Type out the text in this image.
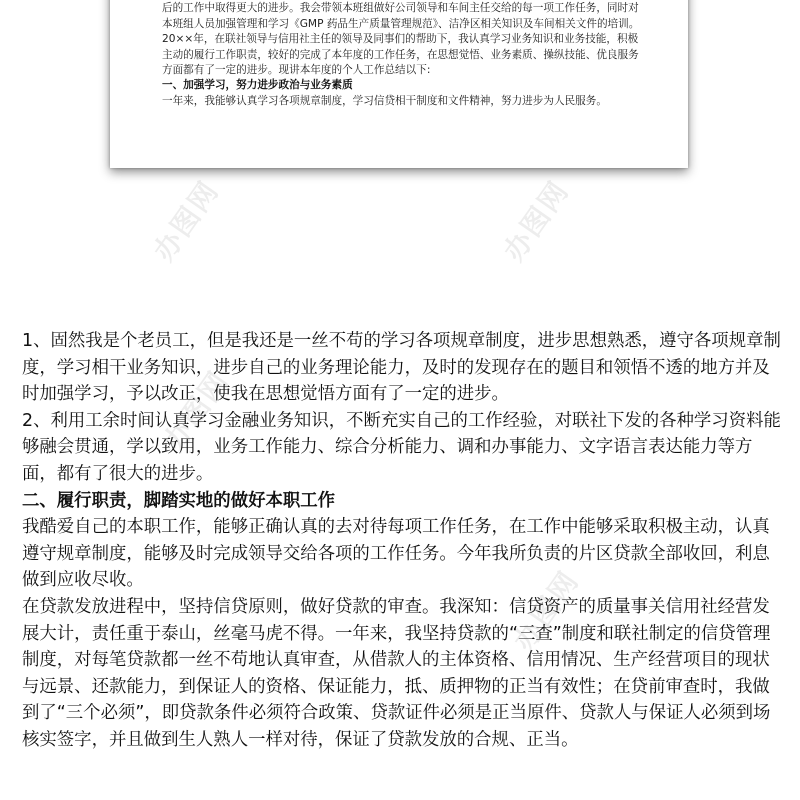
后的工作中取得更大的进步。我会带领本班组做好公司领导和车间主任交给的每一项工作任务，同时对本班组人员加强管理和学习《GMP 药品生产质量管理规范》、洁净区相关知识及车间相关文件的培训。

20××年，在联社领导与信用社主任的领导及同事们的帮助下，我认真学习业务知识和业务技能，积极主动的履行工作职责，较好的完成了本年度的工作任务，在思想觉悟、业务素质、操纵技能、优良服务方面都有了一定的进步。现讲本年度的个人工作总结以下:

一、加强学习，努力进步政治与业务素质

一年来，我能够认真学习各项规章制度，学习信贷相干制度和文件精神，努力进步为人民服务。

办图网	办图网
办图网
办图网

1、固然我是个老员工，但是我还是一丝不苟的学习各项规章制度，进步思想熟悉，遵守各项规章制度，学习相干业务知识，进步自己的业务理论能力，及时的发现存在的题目和领悟不透的地方并及时加强学习，予以改正，使我在思想觉悟方面有了一定的进步。

2、利用工余时间认真学习金融业务知识，不断充实自己的工作经验，对联社下发的各种学习资料能够融会贯通，学以致用，业务工作能力、综合分析能力、调和办事能力、文字语言表达能力等方面，都有了很大的进步。

二、履行职责，脚踏实地的做好本职工作

我酷爱自己的本职工作，能够正确认真的去对待每项工作任务，在工作中能够采取积极主动，认真遵守规章制度，能够及时完成领导交给各项的工作任务。今年我所负责的片区贷款全部收回，利息做到应收尽收。

在贷款发放进程中，坚持信贷原则，做好贷款的审查。我深知：信贷资产的质量事关信用社经营发展大计，责任重于泰山，丝毫马虎不得。一年来，我坚持贷款的“三查”制度和联社制定的信贷管理制度，对每笔贷款都一丝不苟地认真审查，从借款人的主体资格、信用情况、生产经营项目的现状与远景、还款能力，到保证人的资格、保证能力，抵、质押物的正当有效性；在贷前审查时，我做到了“三个必须”，即贷款条件必须符合政策、贷款证件必须是正当原件、贷款人与保证人必须到场核实签字，并且做到生人熟人一样对待，保证了贷款发放的合规、正当。
